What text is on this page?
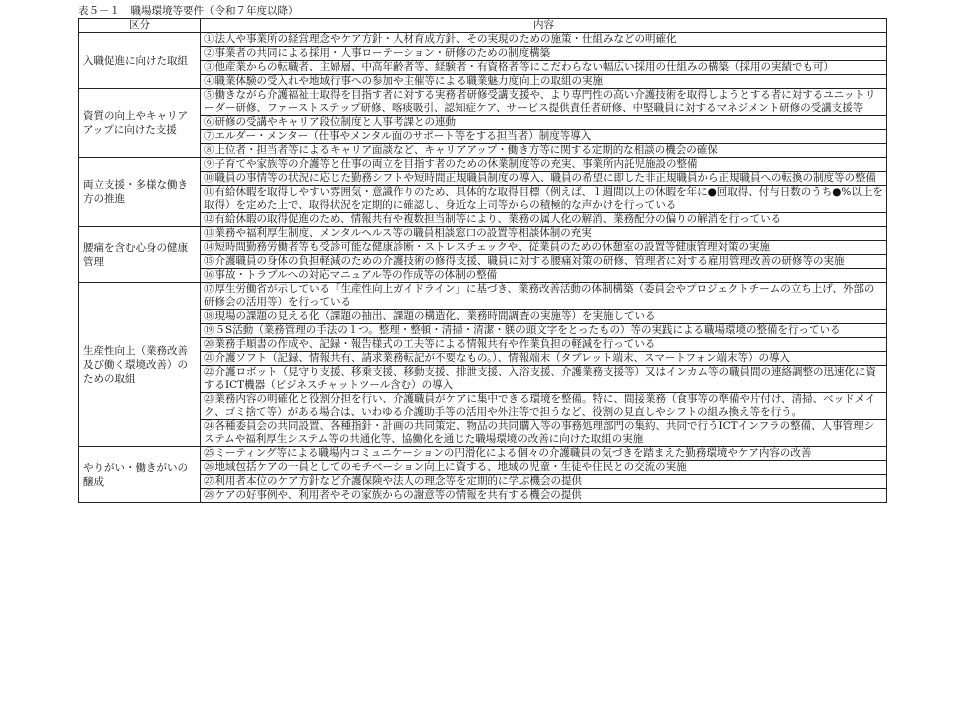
表５－１　職場環境等要件（令和７年度以降）
区分	内容
入職促進に向けた取組	①法人や事業所の経営理念やケア方針・人材育成方針、その実現のための施策・仕組みなどの明確化
	②事業者の共同による採用・人事ローテーション・研修のための制度構築
	③他産業からの転職者、主婦層、中高年齢者等、経験者・有資格者等にこだわらない幅広い採用の仕組みの構築（採用の実績でも可）
	④職業体験の受入れや地域行事への参加や主催等による職業魅力度向上の取組の実施
資質の向上やキャリアアップに向けた支援	⑤働きながら介護福祉士取得を目指す者に対する実務者研修受講支援や、より専門性の高い介護技術を取得しようとする者に対するユニットリーダー研修、ファーストステップ研修、喀痰吸引、認知症ケア、サービス提供責任者研修、中堅職員に対するマネジメント研修の受講支援等
	⑥研修の受講やキャリア段位制度と人事考課との連動
	⑦エルダー・メンター（仕事やメンタル面のサポート等をする担当者）制度等導入
	⑧上位者・担当者等によるキャリア面談など、キャリアアップ・働き方等に関する定期的な相談の機会の確保
両立支援・多様な働き方の推進	⑨子育てや家族等の介護等と仕事の両立を目指す者のための休業制度等の充実、事業所内託児施設の整備
	⑩職員の事情等の状況に応じた勤務シフトや短時間正規職員制度の導入、職員の希望に即した非正規職員から正規職員への転換の制度等の整備
	⑪有給休暇を取得しやすい雰囲気・意識作りのため、具体的な取得目標（例えば、１週間以上の休暇を年に●回取得、付与日数のうち●%以上を取得）を定めた上で、取得状況を定期的に確認し、身近な上司等からの積極的な声かけを行っている
	⑫有給休暇の取得促進のため、情報共有や複数担当制等により、業務の属人化の解消、業務配分の偏りの解消を行っている
腰痛を含む心身の健康管理	⑬業務や福利厚生制度、メンタルヘルス等の職員相談窓口の設置等相談体制の充実
	⑭短時間勤務労働者等も受診可能な健康診断・ストレスチェックや、従業員のための休憩室の設置等健康管理対策の実施
	⑮介護職員の身体の負担軽減のための介護技術の修得支援、職員に対する腰痛対策の研修、管理者に対する雇用管理改善の研修等の実施
	⑯事故・トラブルへの対応マニュアル等の作成等の体制の整備
生産性向上（業務改善及び働く環境改善）のための取組	⑰厚生労働省が示している「生産性向上ガイドライン」に基づき、業務改善活動の体制構築（委員会やプロジェクトチームの立ち上げ、外部の研修会の活用等）を行っている
	⑱現場の課題の見える化（課題の抽出、課題の構造化、業務時間調査の実施等）を実施している
	⑲５S活動（業務管理の手法の１つ。整理・整頓・清掃・清潔・躾の頭文字をとったもの）等の実践による職場環境の整備を行っている
	⑳業務手順書の作成や、記録・報告様式の工夫等による情報共有や作業負担の軽減を行っている
	㉑介護ソフト（記録、情報共有、請求業務転記が不要なもの。）、情報端末（タブレット端末、スマートフォン端末等）の導入
	㉒介護ロボット（見守り支援、移乗支援、移動支援、排泄支援、入浴支援、介護業務支援等）又はインカム等の職員間の連絡調整の迅速化に資するICT機器（ビジネスチャットツール含む）の導入
	㉓業務内容の明確化と役割分担を行い、介護職員がケアに集中できる環境を整備。特に、間接業務（食事等の準備や片付け、清掃、ベッドメイク、ゴミ捨て等）がある場合は、いわゆる介護助手等の活用や外注等で担うなど、役割の見直しやシフトの組み換え等を行う。
	㉔各種委員会の共同設置、各種指針・計画の共同策定、物品の共同購入等の事務処理部門の集約、共同で行うICTインフラの整備、人事管理システムや福利厚生システム等の共通化等、協働化を通じた職場環境の改善に向けた取組の実施
やりがい・働きがいの醸成	㉕ミーティング等による職場内コミュニケーションの円滑化による個々の介護職員の気づきを踏まえた勤務環境やケア内容の改善
	㉖地域包括ケアの一員としてのモチベーション向上に資する、地域の児童・生徒や住民との交流の実施
	㉗利用者本位のケア方針など介護保険や法人の理念等を定期的に学ぶ機会の提供
	㉘ケアの好事例や、利用者やその家族からの謝意等の情報を共有する機会の提供
